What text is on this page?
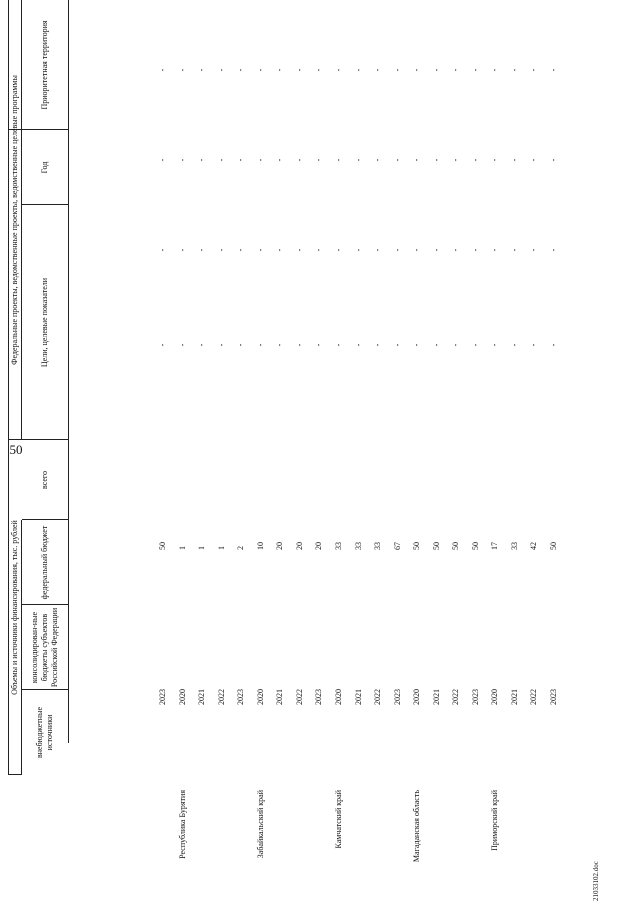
50
Федеральные проекты, ведомственные проекты, ведомственные целевые программы
Объемы и источники финансирования, тыс. рублей
Приоритетная территория
Год
Цели, целевые показатели
всего
федеральный бюджет
консолидирован-ные бюджеты субъектов Российской Федерации
внебюджетные источники
2023
50
-
-
-
-
Республика Бурятия
2020
1
-
-
-
-
2021
1
-
-
-
-
2022
1
-
-
-
-
2023
2
-
-
-
-
Забайкальский край
2020
10
-
-
-
-
2021
20
-
-
-
-
2022
20
-
-
-
-
2023
20
-
-
-
-
Камчатский край
2020
33
-
-
-
-
2021
33
-
-
-
-
2022
33
-
-
-
-
2023
67
-
-
-
-
Магаданская область
2020
50
-
-
-
-
2021
50
-
-
-
-
2022
50
-
-
-
-
2023
50
-
-
-
-
Приморский край
2020
17
-
-
-
-
2021
33
-
-
-
-
2022
42
-
-
-
-
2023
50
-
-
-
-
21033102.doc
